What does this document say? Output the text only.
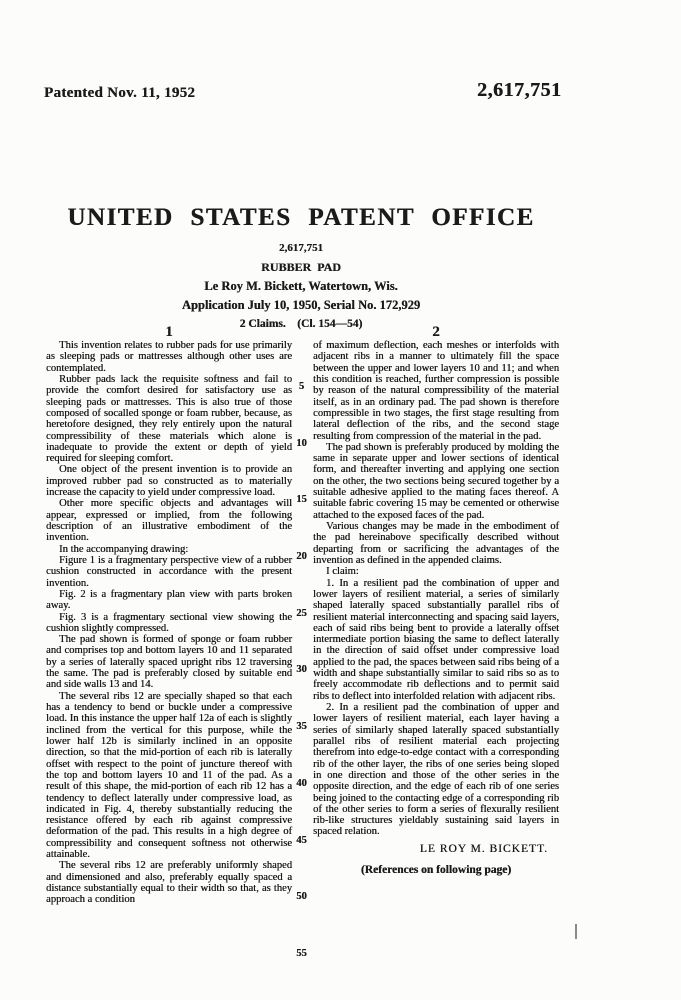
Patented Nov. 11, 1952	2,617,751
UNITED STATES PATENT OFFICE
2,617,751
RUBBER PAD
Le Roy M. Bickett, Watertown, Wis.
Application July 10, 1950, Serial No. 172,929
2 Claims.  (Cl. 154—54)
1	2
5
10
15
20
25
30
35
40
45
50
55

This invention relates to rubber pads for use primarily as sleeping pads or mattresses although other uses are contemplated.

Rubber pads lack the requisite softness and fail to provide the comfort desired for satisfactory use as sleeping pads or mattresses. This is also true of those composed of socalled sponge or foam rubber, because, as heretofore designed, they rely entirely upon the natural compressibility of these materials which alone is inadequate to provide the extent or depth of yield required for sleeping comfort.

One object of the present invention is to provide an improved rubber pad so constructed as to materially increase the capacity to yield under compressive load.

Other more specific objects and advantages will appear, expressed or implied, from the following description of an illustrative embodiment of the invention.

In the accompanying drawing:

Figure 1 is a fragmentary perspective view of a rubber cushion constructed in accordance with the present invention.

Fig. 2 is a fragmentary plan view with parts broken away.

Fig. 3 is a fragmentary sectional view showing the cushion slightly compressed.

The pad shown is formed of sponge or foam rubber and comprises top and bottom layers 10 and 11 separated by a series of laterally spaced upright ribs 12 traversing the same. The pad is preferably closed by suitable end and side walls 13 and 14.

The several ribs 12 are specially shaped so that each has a tendency to bend or buckle under a compressive load. In this instance the upper half 12a of each is slightly inclined from the vertical for this purpose, while the lower half 12b is similarly inclined in an opposite direction, so that the mid-portion of each rib is laterally offset with respect to the point of juncture thereof with the top and bottom layers 10 and 11 of the pad. As a result of this shape, the mid-portion of each rib 12 has a tendency to deflect laterally under compressive load, as indicated in Fig. 4, thereby substantially reducing the resistance offered by each rib against compressive deformation of the pad. This results in a high degree of compressibility and consequent softness not otherwise attainable.

The several ribs 12 are preferably uniformly shaped and dimensioned and also, preferably equally spaced a distance substantially equal to their width so that, as they approach a condition

of maximum deflection, each meshes or interfolds with adjacent ribs in a manner to ultimately fill the space between the upper and lower layers 10 and 11; and when this condition is reached, further compression is possible by reason of the natural compressibility of the material itself, as in an ordinary pad. The pad shown is therefore compressible in two stages, the first stage resulting from lateral deflection of the ribs, and the second stage resulting from compression of the material in the pad.

The pad shown is preferably produced by molding the same in separate upper and lower sections of identical form, and thereafter inverting and applying one section on the other, the two sections being secured together by a suitable adhesive applied to the mating faces thereof. A suitable fabric covering 15 may be cemented or otherwise attached to the exposed faces of the pad.

Various changes may be made in the embodiment of the pad hereinabove specifically described without departing from or sacrificing the advantages of the invention as defined in the appended claims.

I claim:

1. In a resilient pad the combination of upper and lower layers of resilient material, a series of similarly shaped laterally spaced substantially parallel ribs of resilient material interconnecting and spacing said layers, each of said ribs being bent to provide a laterally offset intermediate portion biasing the same to deflect laterally in the direction of said offset under compressive load applied to the pad, the spaces between said ribs being of a width and shape substantially similar to said ribs so as to freely accommodate rib deflections and to permit said ribs to deflect into interfolded relation with adjacent ribs.

2. In a resilient pad the combination of upper and lower layers of resilient material, each layer having a series of similarly shaped laterally spaced substantially parallel ribs of resilient material each projecting therefrom into edge-to-edge contact with a corresponding rib of the other layer, the ribs of one series being sloped in one direction and those of the other series in the opposite direction, and the edge of each rib of one series being joined to the contacting edge of a corresponding rib of the other series to form a series of flexurally resilient rib-like structures yieldably sustaining said layers in spaced relation.

LE ROY M. BICKETT.

(References on following page)
